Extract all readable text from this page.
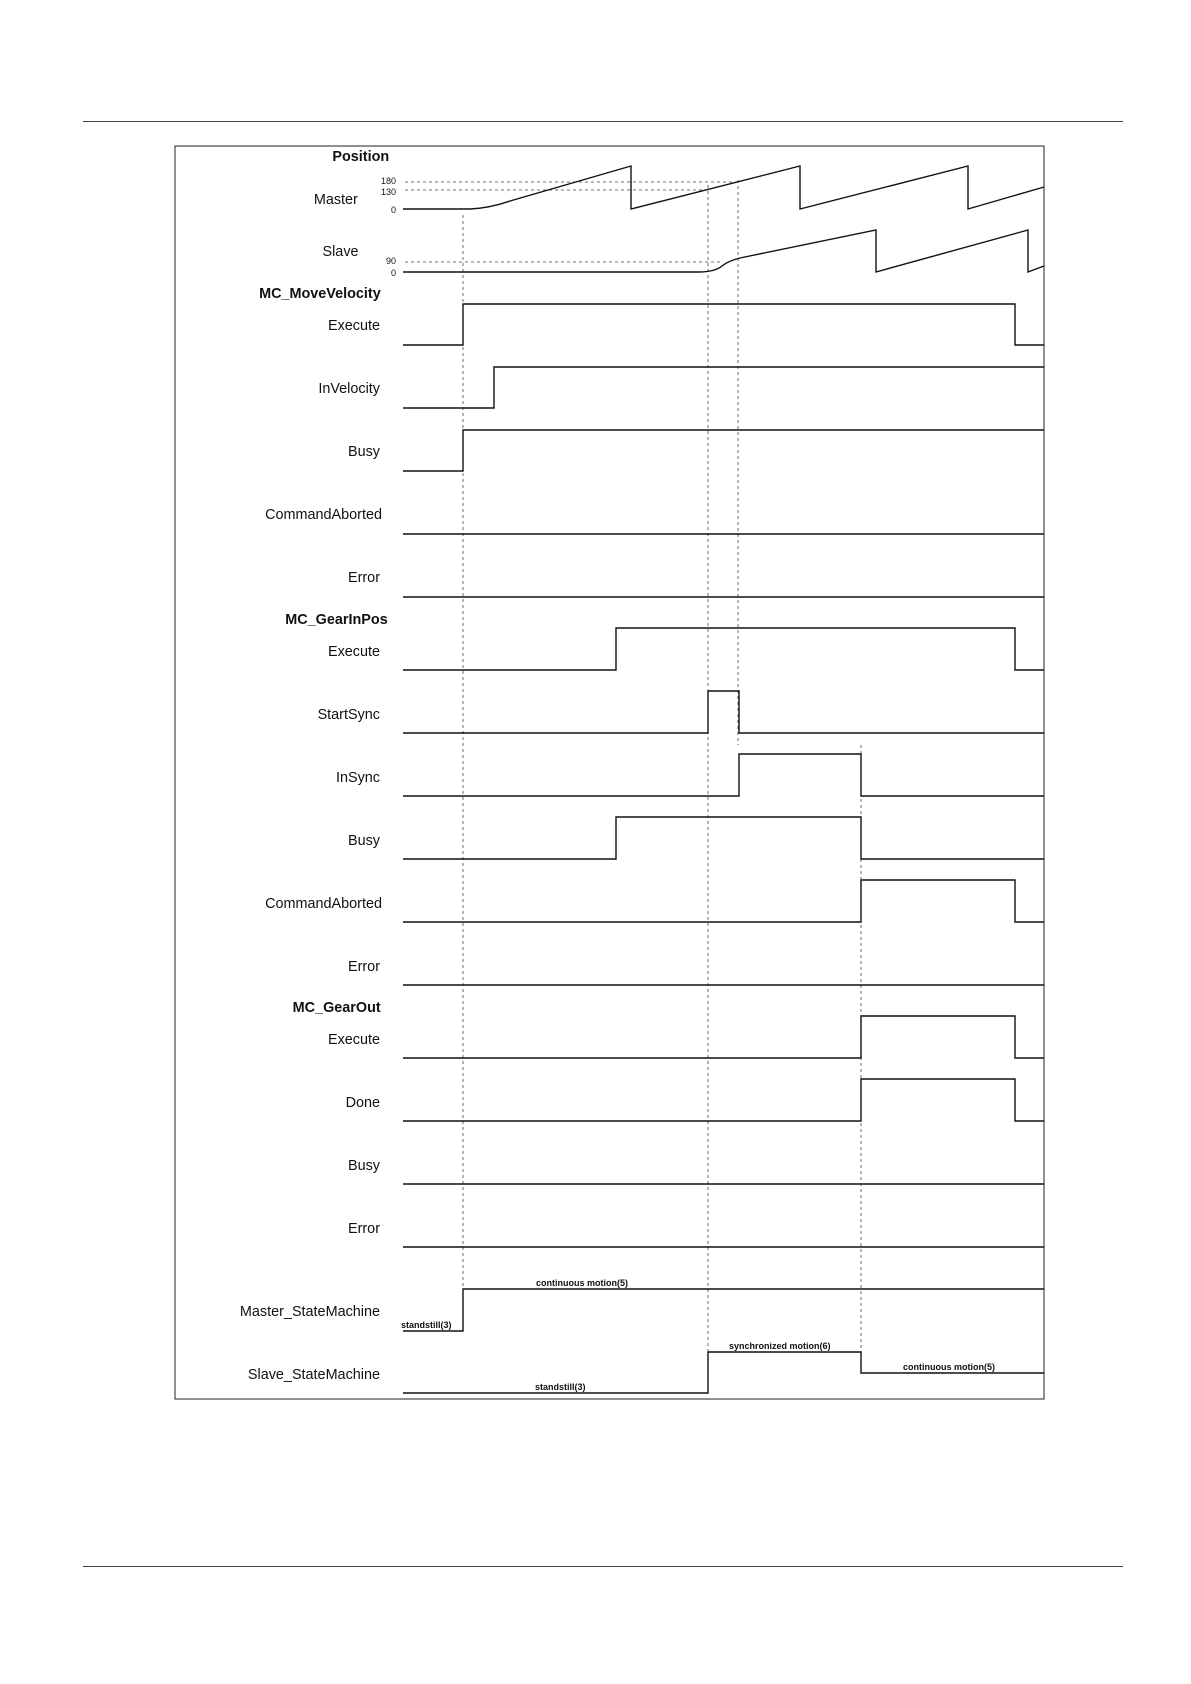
Position
Master
180
130
0
Slave
90
0
MC_MoveVelocity
Execute
InVelocity
Busy
CommandAborted
Error
MC_GearInPos
Execute
StartSync
InSync
Busy
CommandAborted
Error
MC_GearOut
Execute
Done
Busy
Error
Master_StateMachine
Slave_StateMachine
standstill(3)
continuous motion(5)
standstill(3)
synchronized motion(6)
continuous motion(5)
